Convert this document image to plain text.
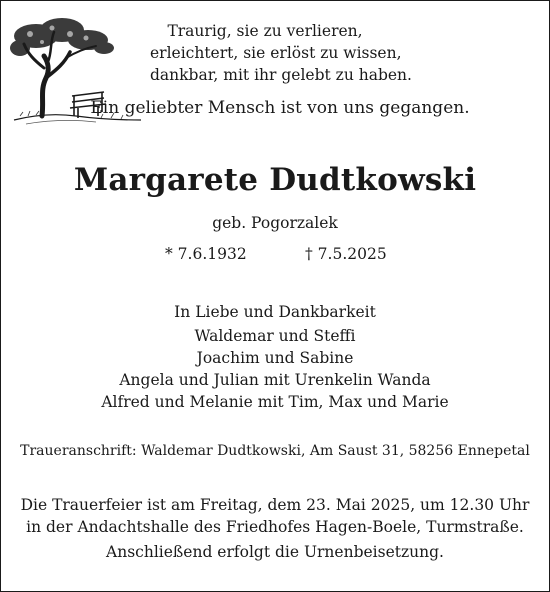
Traurig, sie zu verlieren,
erleichtert, sie erlöst zu wissen,
dankbar, mit ihr gelebt zu haben.
Ein geliebter Mensch ist von uns gegangen.
Margarete Dudtkowski
geb. Pogorzalek
* 7.6.1932	† 7.5.2025
In Liebe und Dankbarkeit
Waldemar und Steffi
Joachim und Sabine
Angela und Julian mit Urenkelin Wanda
Alfred und Melanie mit Tim, Max und Marie
Traueranschrift: Waldemar Dudtkowski, Am Saust 31, 58256 Ennepetal
Die Trauerfeier ist am Freitag, dem 23. Mai 2025, um 12.30 Uhr
in der Andachtshalle des Friedhofes Hagen-Boele, Turmstraße.
Anschließend erfolgt die Urnenbeisetzung.
